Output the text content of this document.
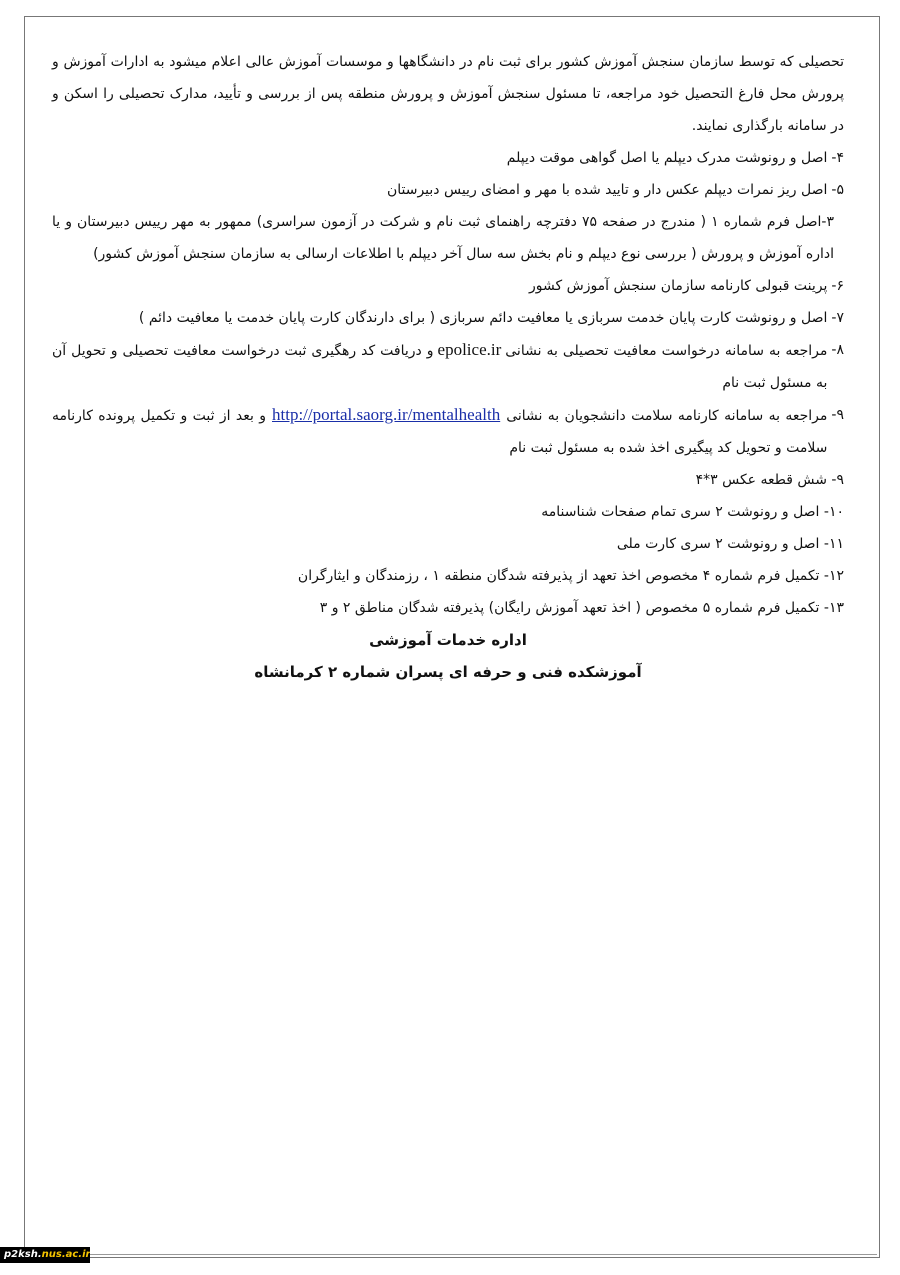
تحصیلی که توسط سازمان سنجش آموزش کشور برای ثبت نام در دانشگاهها و موسسات آموزش عالی اعلام میشود به ادارات آموزش و پرورش محل فارغ التحصیل خود مراجعه، تا مسئول سنجش آموزش و پرورش منطقه پس از بررسی و تأیید، مدارک تحصیلی را اسکن و در سامانه بارگذاری نمایند.

۴-
اصل و رونوشت مدرک دیپلم یا اصل گواهی موقت دیپلم
۵-
اصل ریز نمرات دیپلم عکس دار و تایید شده با مهر و امضای رییس دبیرستان

۳-اصل فرم شماره ۱ ( مندرج در صفحه ۷۵ دفترچه راهنمای ثبت نام و شرکت در آزمون سراسری) ممهور به مهر رییس دبیرستان و یا اداره آموزش و پرورش ( بررسی نوع دیپلم و نام بخش سه سال آخر دیپلم با اطلاعات ارسالی به سازمان سنجش آموزش کشور)

۶-
پرینت قبولی کارنامه سازمان سنجش آموزش کشور
۷-
اصل و رونوشت کارت پایان خدمت سربازی یا معافیت دائم سربازی ( برای دارندگان کارت پایان خدمت یا معافیت دائم )
۸-
مراجعه به سامانه درخواست معافیت تحصیلی به نشانیepolice.irو دریافت کد رهگیری ثبت درخواست معافیت تحصیلی و تحویل آن به مسئول ثبت نام
۹-
مراجعه به سامانه کارنامه سلامت دانشجویان به نشانیhttp://portal.saorg.ir/mentalhealthو بعد از ثبت و تکمیل پرونده کارنامه سلامت و تحویل کد پیگیری اخذ شده به مسئول ثبت نام

۹- شش قطعه عکس ۳*۴

۱۰- اصل و رونوشت ۲ سری تمام صفحات شناسنامه

۱۱- اصل و رونوشت ۲ سری کارت ملی

۱۲- تکمیل فرم شماره ۴ مخصوص اخذ تعهد از پذیرفته شدگان منطقه ۱ ، رزمندگان و ایثارگران

۱۳- تکمیل فرم شماره ۵ مخصوص ( اخذ تعهد آموزش رایگان) پذیرفته شدگان مناطق ۲ و ۳

اداره خدمات آموزشی

آموزشکده فنی و حرفه ای پسران شماره ۲ کرمانشاه

p2ksh.nus.ac.ir
